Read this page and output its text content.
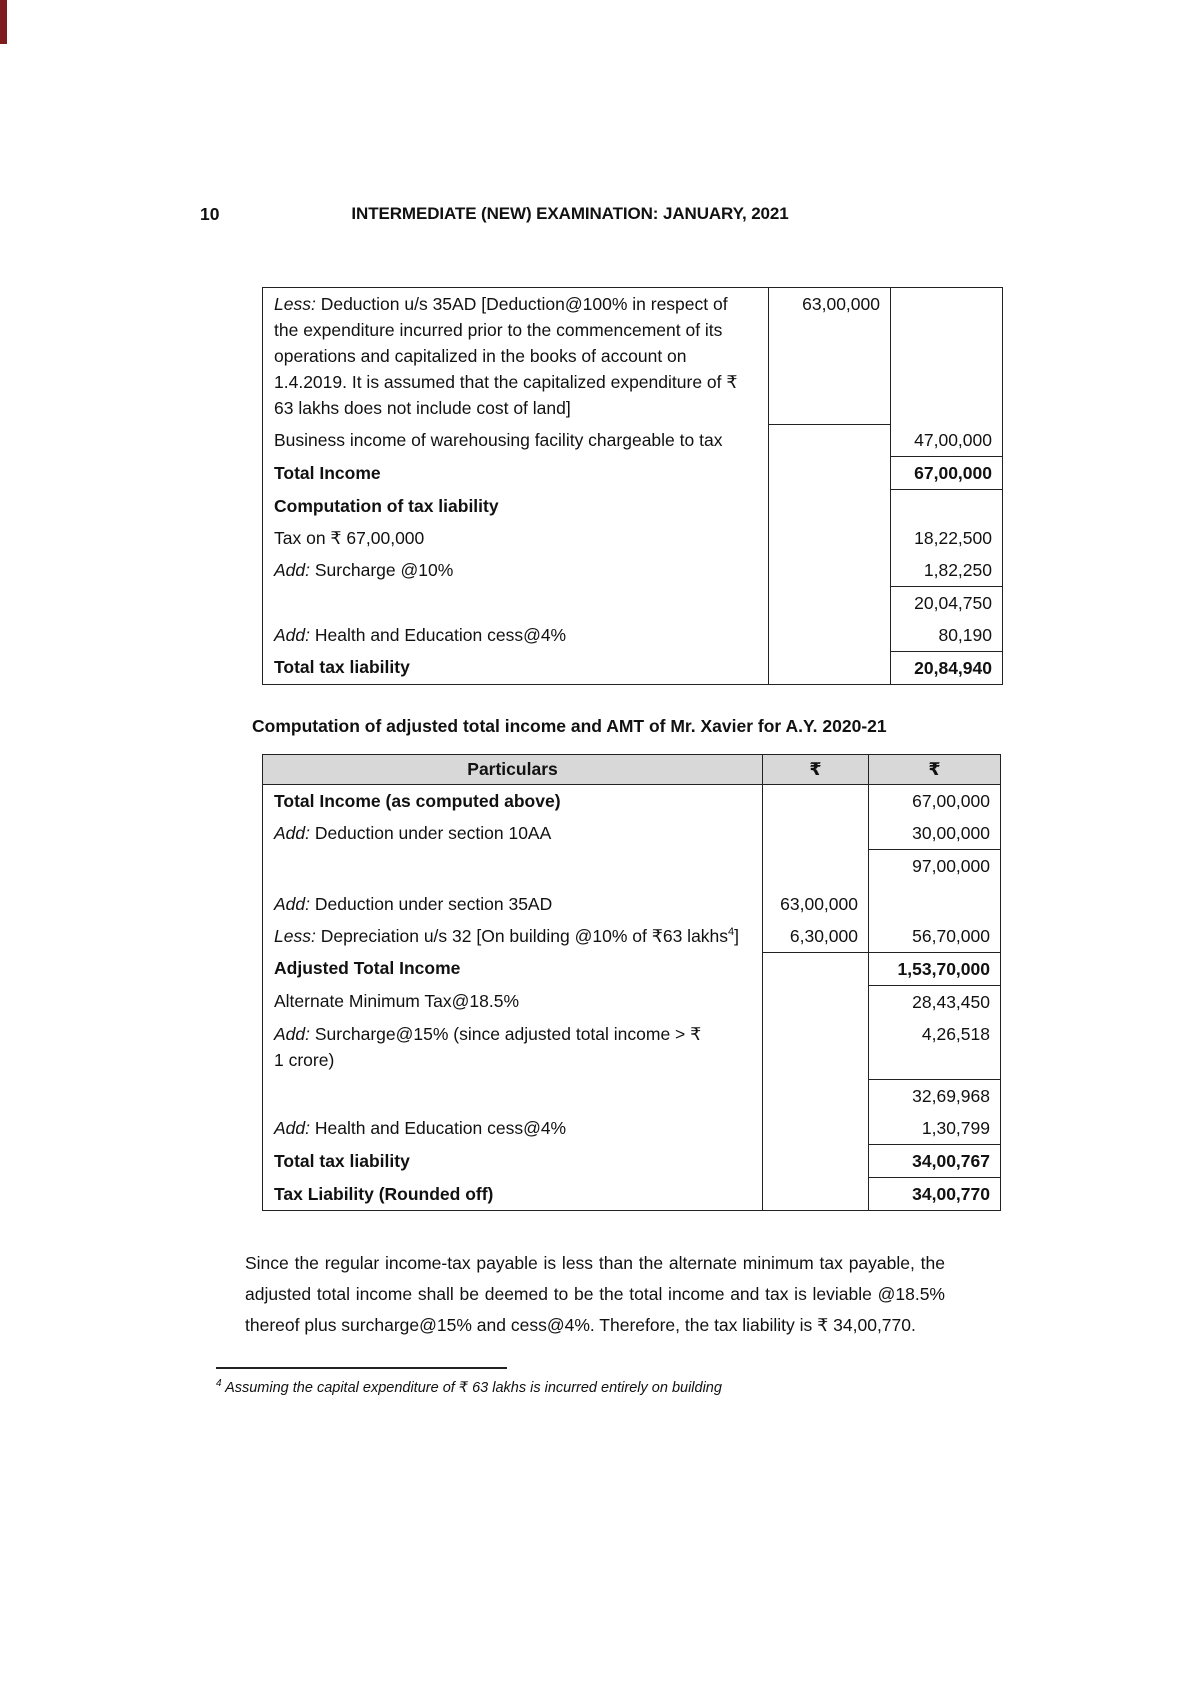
10	INTERMEDIATE (NEW) EXAMINATION: JANUARY, 2021
Less: Deduction u/s 35AD [Deduction@100% in respect of the expenditure incurred prior to the commencement of its operations and capitalized in the books of account on 1.4.2019. It is assumed that the capitalized expenditure of ₹ 63 lakhs does not include cost of land]	63,00,000	
Business income of warehousing facility chargeable to tax		47,00,000
Total Income		67,00,000
Computation of tax liability		
Tax on ₹ 67,00,000		18,22,500
Add: Surcharge @10%		1,82,250
		20,04,750
Add: Health and Education cess@4%		80,190
Total tax liability		20,84,940
Computation of adjusted total income and AMT of Mr. Xavier for A.Y. 2020-21
Particulars	₹	₹
Total Income (as computed above)		67,00,000
Add: Deduction under section 10AA		30,00,000
		97,00,000
Add: Deduction under section 35AD	63,00,000	
Less: Depreciation u/s 32 [On building @10% of ₹63 lakhs$^4$]	6,30,000	56,70,000
Adjusted Total Income		1,53,70,000
Alternate Minimum Tax@18.5%		28,43,450
Add: Surcharge@15% (since adjusted total income > ₹ 1 crore)		4,26,518
		32,69,968
Add: Health and Education cess@4%		1,30,799
Total tax liability		34,00,767
Tax Liability (Rounded off)		34,00,770
Since the regular income-tax payable is less than the alternate minimum tax payable, the adjusted total income shall be deemed to be the total income and tax is leviable @18.5% thereof plus surcharge@15% and cess@4%. Therefore, the tax liability is ₹ 34,00,770.
$^4$ Assuming the capital expenditure of ₹ 63 lakhs is incurred entirely on building
